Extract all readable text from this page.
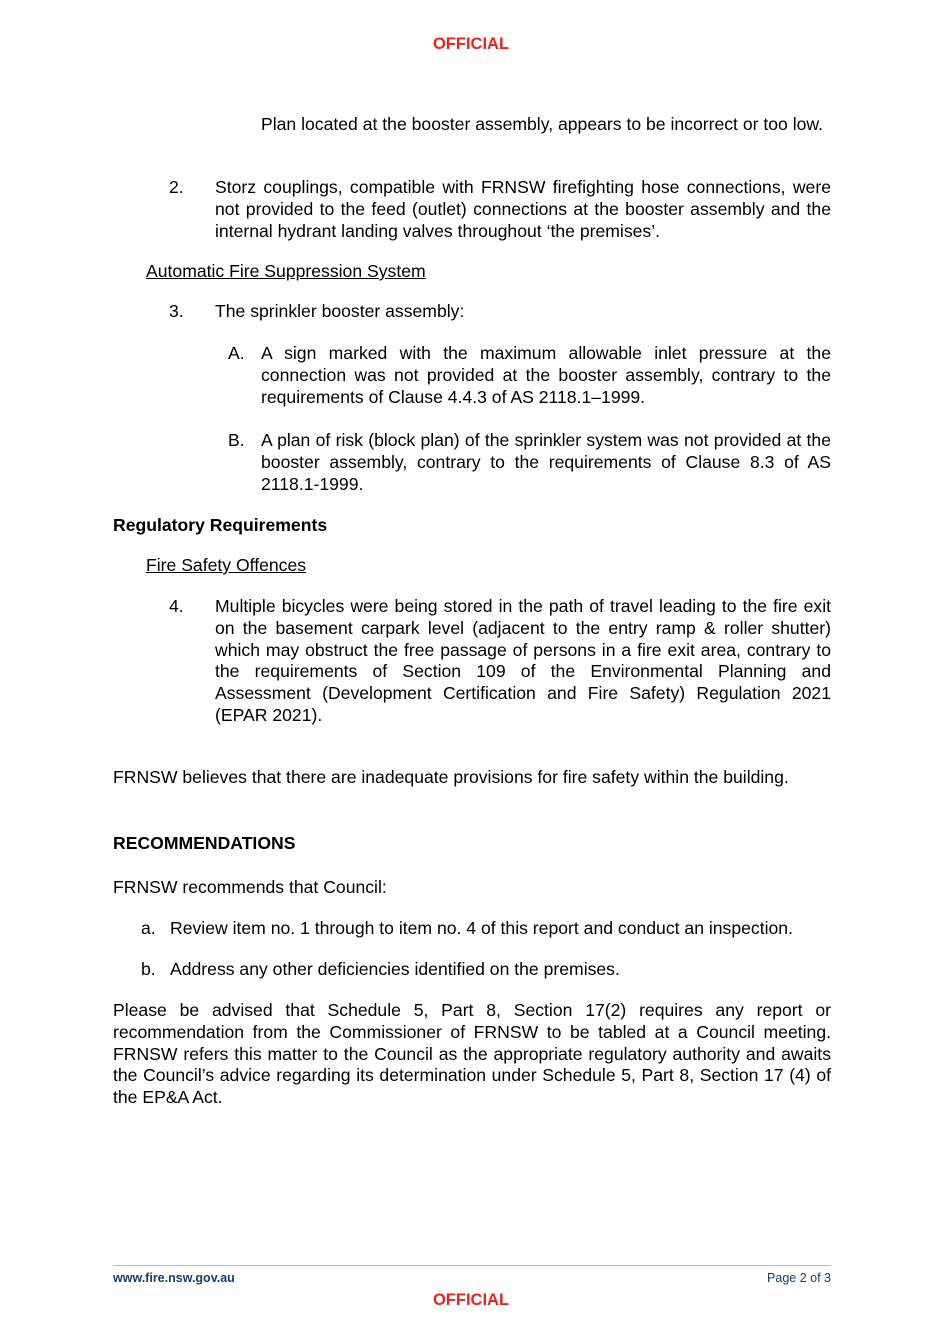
OFFICIAL
Plan located at the booster assembly, appears to be incorrect or too low.
2. Storz couplings, compatible with FRNSW firefighting hose connections, were not provided to the feed (outlet) connections at the booster assembly and the internal hydrant landing valves throughout ‘the premises’.
Automatic Fire Suppression System
3. The sprinkler booster assembly:
A. A sign marked with the maximum allowable inlet pressure at the connection was not provided at the booster assembly, contrary to the requirements of Clause 4.4.3 of AS 2118.1–1999.
B. A plan of risk (block plan) of the sprinkler system was not provided at the booster assembly, contrary to the requirements of Clause 8.3 of AS 2118.1-1999.
Regulatory Requirements
Fire Safety Offences
4. Multiple bicycles were being stored in the path of travel leading to the fire exit on the basement carpark level (adjacent to the entry ramp & roller shutter) which may obstruct the free passage of persons in a fire exit area, contrary to the requirements of Section 109 of the Environmental Planning and Assessment (Development Certification and Fire Safety) Regulation 2021 (EPAR 2021).
FRNSW believes that there are inadequate provisions for fire safety within the building.
RECOMMENDATIONS
FRNSW recommends that Council:
a. Review item no. 1 through to item no. 4 of this report and conduct an inspection.
b. Address any other deficiencies identified on the premises.
Please be advised that Schedule 5, Part 8, Section 17(2) requires any report or recommendation from the Commissioner of FRNSW to be tabled at a Council meeting. FRNSW refers this matter to the Council as the appropriate regulatory authority and awaits the Council’s advice regarding its determination under Schedule 5, Part 8, Section 17 (4) of the EP&A Act.
www.fire.nsw.gov.au	Page 2 of 3
OFFICIAL
